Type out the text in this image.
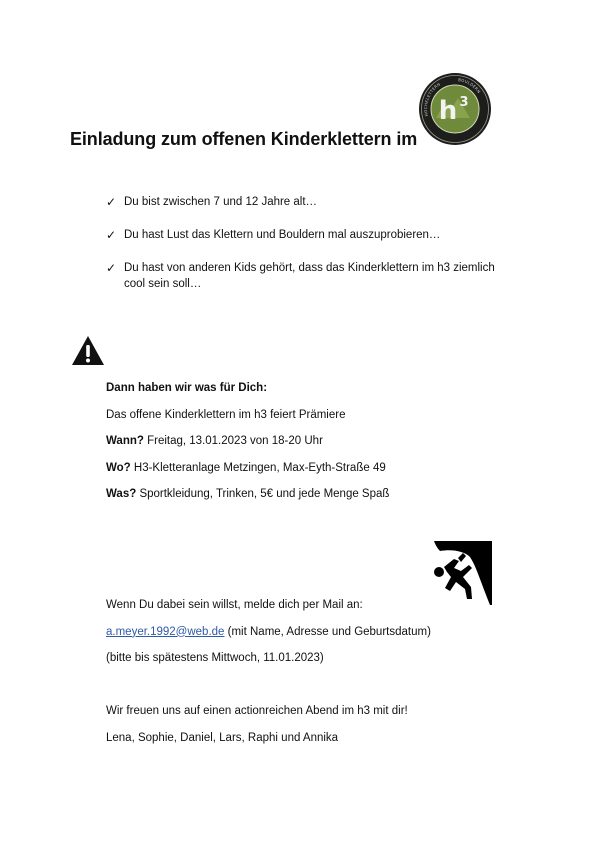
h 3
HOCHKLETTERN
BOULDERN
Einladung zum offenen Kinderklettern im
✓ Du bist zwischen 7 und 12 Jahre alt…
✓ Du hast Lust das Klettern und Bouldern mal auszuprobieren…
✓ Du hast von anderen Kids gehört, dass das Kinderklettern im h3 ziemlich cool sein soll…

Dann haben wir was für Dich:

Das offene Kinderklettern im h3 feiert Prämiere

Wann? Freitag, 13.01.2023 von 18-20 Uhr

Wo? H3-Kletteranlage Metzingen, Max-Eyth-Straße 49

Was? Sportkleidung, Trinken, 5€ und jede Menge Spaß

Wenn Du dabei sein willst, melde dich per Mail an:

a.meyer.1992@web.de (mit Name, Adresse und Geburtsdatum)

(bitte bis spätestens Mittwoch, 11.01.2023)

Wir freuen uns auf einen actionreichen Abend im h3 mit dir!

Lena, Sophie, Daniel, Lars, Raphi und Annika
